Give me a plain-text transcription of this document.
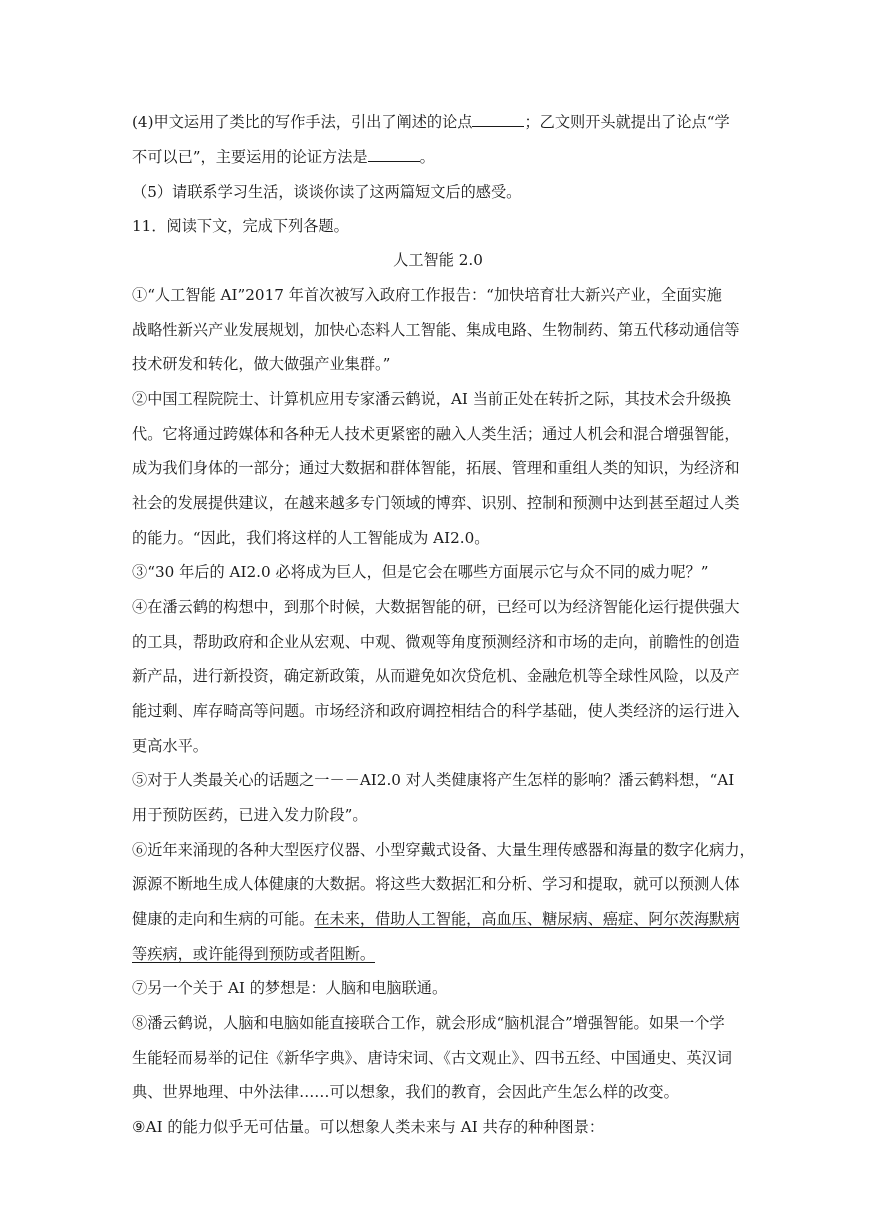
(4)甲文运用了类比的写作手法，引出了阐述的论点	；乙文则开头就提出了论点“学
不可以已”，主要运用的论证方法是	。
（5）请联系学习生活，谈谈你读了这两篇短文后的感受。
11．阅读下文，完成下列各题。
人工智能 2.0
①“人工智能 AI”2017 年首次被写入政府工作报告：“加快培育壮大新兴产业，全面实施
战略性新兴产业发展规划，加快心态料人工智能、集成电路、生物制药、第五代移动通信等
技术研发和转化，做大做强产业集群。”
②中国工程院院士、计算机应用专家潘云鹤说，AI 当前正处在转折之际，其技术会升级换
代。它将通过跨媒体和各种无人技术更紧密的融入人类生活；通过人机会和混合增强智能，
成为我们身体的一部分；通过大数据和群体智能，拓展、管理和重组人类的知识，为经济和
社会的发展提供建议，在越来越多专门领域的博弈、识别、控制和预测中达到甚至超过人类
的能力。“因此，我们将这样的人工智能成为 AI2.0。
③“30 年后的 AI2.0 必将成为巨人，但是它会在哪些方面展示它与众不同的威力呢？”
④在潘云鹤的构想中，到那个时候，大数据智能的研，已经可以为经济智能化运行提供强大
的工具，帮助政府和企业从宏观、中观、微观等角度预测经济和市场的走向，前瞻性的创造
新产品，进行新投资，确定新政策，从而避免如次贷危机、金融危机等全球性风险，以及产
能过剩、库存畸高等问题。市场经济和政府调控相结合的科学基础，使人类经济的运行进入
更高水平。
⑤对于人类最关心的话题之一－－AI2.0 对人类健康将产生怎样的影响？潘云鹤料想，“AI
用于预防医药，已进入发力阶段”。
⑥近年来涌现的各种大型医疗仪器、小型穿戴式设备、大量生理传感器和海量的数字化病力，
源源不断地生成人体健康的大数据。将这些大数据汇和分析、学习和提取，就可以预测人体
健康的走向和生病的可能。在未来，借助人工智能，高血压、糖尿病、癌症、阿尔茨海默病
等疾病，或许能得到预防或者阻断。
⑦另一个关于 AI 的梦想是：人脑和电脑联通。
⑧潘云鹤说，人脑和电脑如能直接联合工作，就会形成“脑机混合”增强智能。如果一个学
生能轻而易举的记住《新华字典》、唐诗宋词、《古文观止》、四书五经、中国通史、英汉词
典、世界地理、中外法律……可以想象，我们的教育，会因此产生怎么样的改变。
⑨AI 的能力似乎无可估量。可以想象人类未来与 AI 共存的种种图景：
